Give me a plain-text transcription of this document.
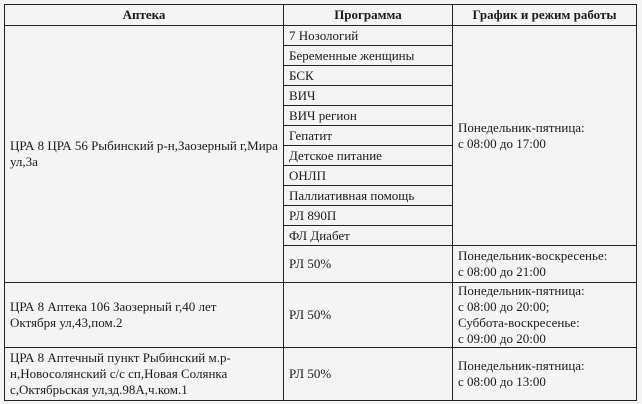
Аптека	Программа	График и режим работы
ЦРА 8 ЦРА 56 Рыбинский р-н,Заозерный г,Мира ул,3а	7 Нозологий	Понедельник-пятница:
с 08:00 до 17:00
	Беременные женщины	
	БСК	
	ВИЧ	
	ВИЧ регион	
	Гепатит	
	Детское питание	
	ОНЛП	
	Паллиативная помощь	
	РЛ 890П	
	ФЛ Диабет	
	РЛ 50%	Понедельник-воскресенье:
с 08:00 до 21:00
ЦРА 8 Аптека 106 Заозерный г,40 лет
Октября ул,43,пом.2	РЛ 50%	Понедельник-пятница:
с 08:00 до 20:00;
Суббота-воскресенье:
с 09:00 до 20:00
ЦРА 8 Аптечный пункт Рыбинский м.р-
н,Новосолянский с/с сп,Новая Солянка
с,Октябрьская ул,зд.98А,ч.ком.1	РЛ 50%	Понедельник-пятница:
с 08:00 до 13:00
